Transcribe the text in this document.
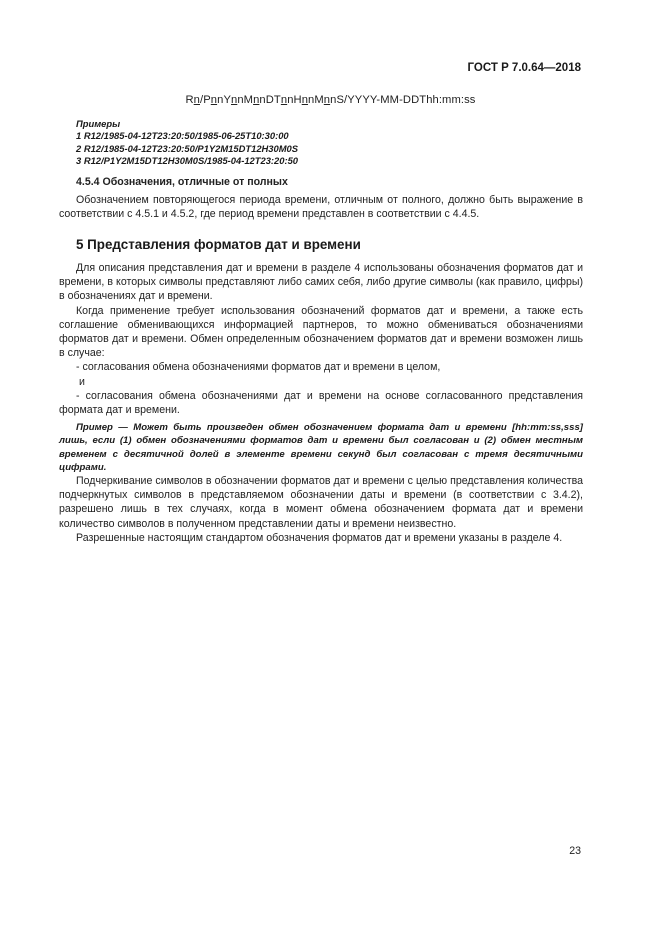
ГОСТ Р 7.0.64—2018
Rn/PnnYnnMnnDTnnHnnMnnS/YYYY-MM-DDThh:mm:ss
Примеры
1 R12/1985-04-12T23:20:50/1985-06-25T10:30:00
2 R12/1985-04-12T23:20:50/P1Y2M15DT12H30M0S
3 R12/P1Y2M15DT12H30M0S/1985-04-12T23:20:50
4.5.4 Обозначения, отличные от полных
Обозначением повторяющегося периода времени, отличным от полного, должно быть выражение в соответствии с 4.5.1 и 4.5.2, где период времени представлен в соответствии с 4.4.5.
5 Представления форматов дат и времени
Для описания представления дат и времени в разделе 4 использованы обозначения форматов дат и времени, в которых символы представляют либо самих себя, либо другие символы (как правило, цифры) в обозначениях дат и времени.
Когда применение требует использования обозначений форматов дат и времени, а также есть соглашение обменивающихся информацией партнеров, то можно обмениваться обозначениями форматов дат и времени. Обмен определенным обозначением форматов дат и времени возможен лишь в случае:
- согласования обмена обозначениями форматов дат и времени в целом,
и
- согласования обмена обозначениями дат и времени на основе согласованного представления формата дат и времени.
Пример — Может быть произведен обмен обозначением формата дат и времени [hh:mm:ss,sss] лишь, если (1) обмен обозначениями форматов дат и времени был согласован и (2) обмен местным временем с десятичной долей в элементе времени секунд был согласован с тремя десятичными цифрами.
Подчеркивание символов в обозначении форматов дат и времени с целью представления количества подчеркнутых символов в представляемом обозначении даты и времени (в соответствии с 3.4.2), разрешено лишь в тех случаях, когда в момент обмена обозначением формата дат и времени количество символов в полученном представлении даты и времени неизвестно.
Разрешенные настоящим стандартом обозначения форматов дат и времени указаны в разделе 4.
23
